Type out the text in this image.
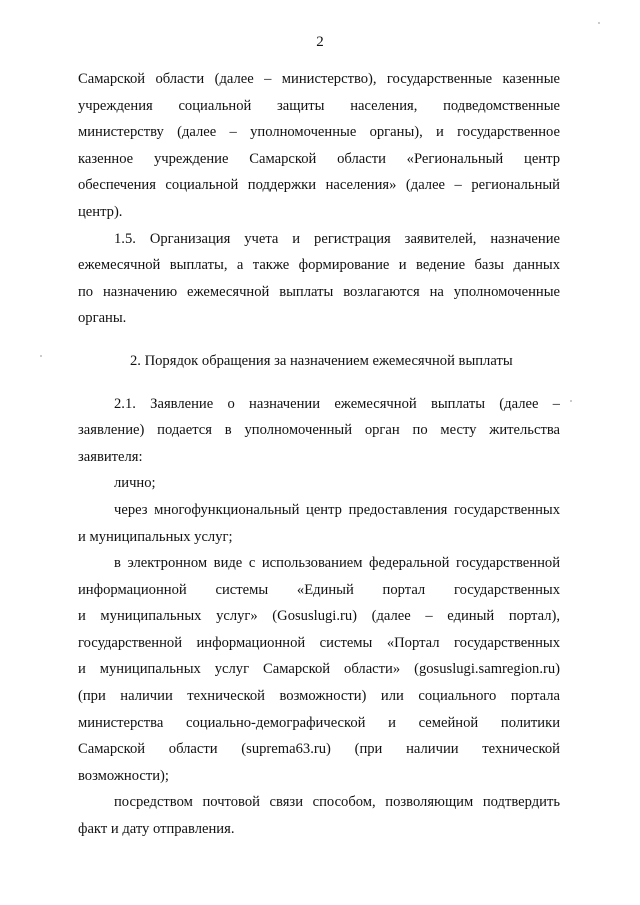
2
Самарской области (далее – министерство), государственные казенные
учреждения социальной защиты населения, подведомственные
министерству (далее – уполномоченные органы), и государственное
казенное учреждение Самарской области «Региональный центр
обеспечения социальной поддержки населения» (далее – региональный
центр).
1.5. Организация учета и регистрация заявителей, назначение
ежемесячной выплаты, а также формирование и ведение базы данных
по назначению ежемесячной выплаты возлагаются на уполномоченные
органы.
2. Порядок обращения за назначением ежемесячной выплаты
2.1. Заявление о назначении ежемесячной выплаты (далее –
заявление) подается в уполномоченный орган по месту жительства
заявителя:
лично;
через многофункциональный центр предоставления государственных
и муниципальных услуг;
в электронном виде с использованием федеральной государственной
информационной системы «Единый портал государственных
и муниципальных услуг» (Gosuslugi.ru) (далее – единый портал),
государственной информационной системы «Портал государственных
и муниципальных услуг Самарской области» (gosuslugi.samregion.ru)
(при наличии технической возможности) или социального портала
министерства социально-демографической и семейной политики
Самарской области (suprema63.ru) (при наличии технической
возможности);
посредством почтовой связи способом, позволяющим подтвердить
факт и дату отправления.
